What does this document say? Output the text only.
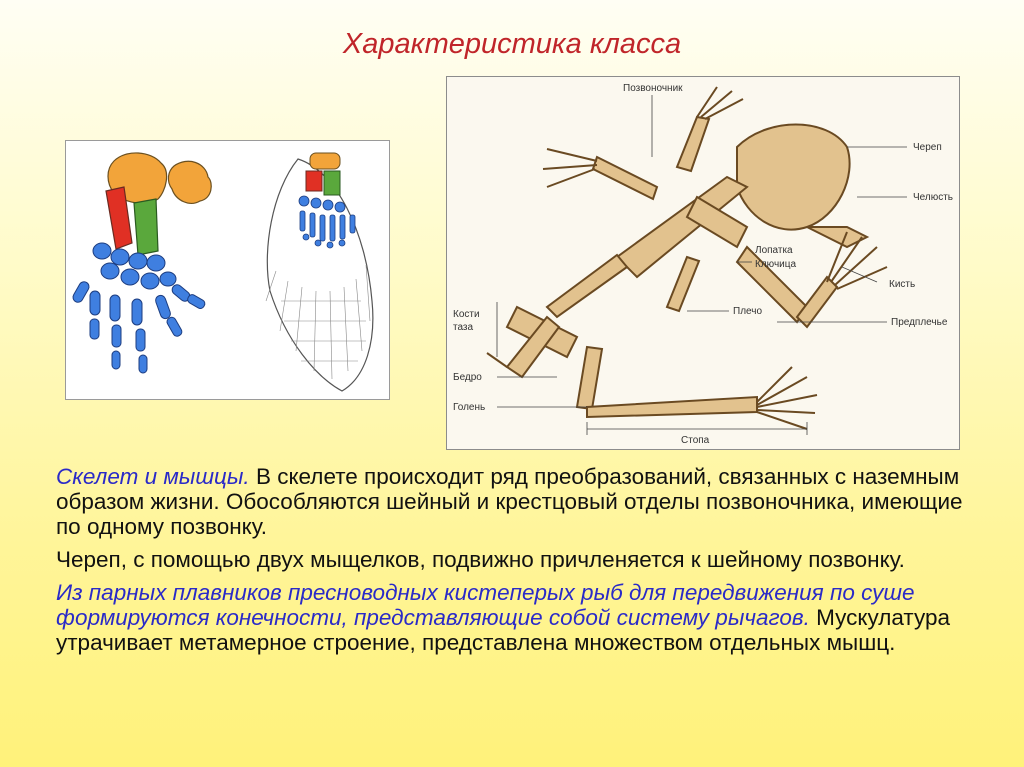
Характеристика класса
Позвоночник
Череп
Челюсть
Лопатка
Ключица
Кисть
Плечо
Предплечье
Кости
таза
Бедро
Голень
Стопа

Скелет и мышцы. В скелете происходит ряд преобразований, связанных с наземным образом жизни. Обособляются шейный и крестцовый отделы позвоночника, имеющие по одному позвонку.

Череп, с помощью двух мыщелков, подвижно причленяется к шейному позвонку.

Из парных плавников пресноводных кистеперых рыб для передвижения по суше формируются конечности, представляющие собой систему рычагов. Мускулатура утрачивает метамерное строение, представлена множеством отдельных мышц.
